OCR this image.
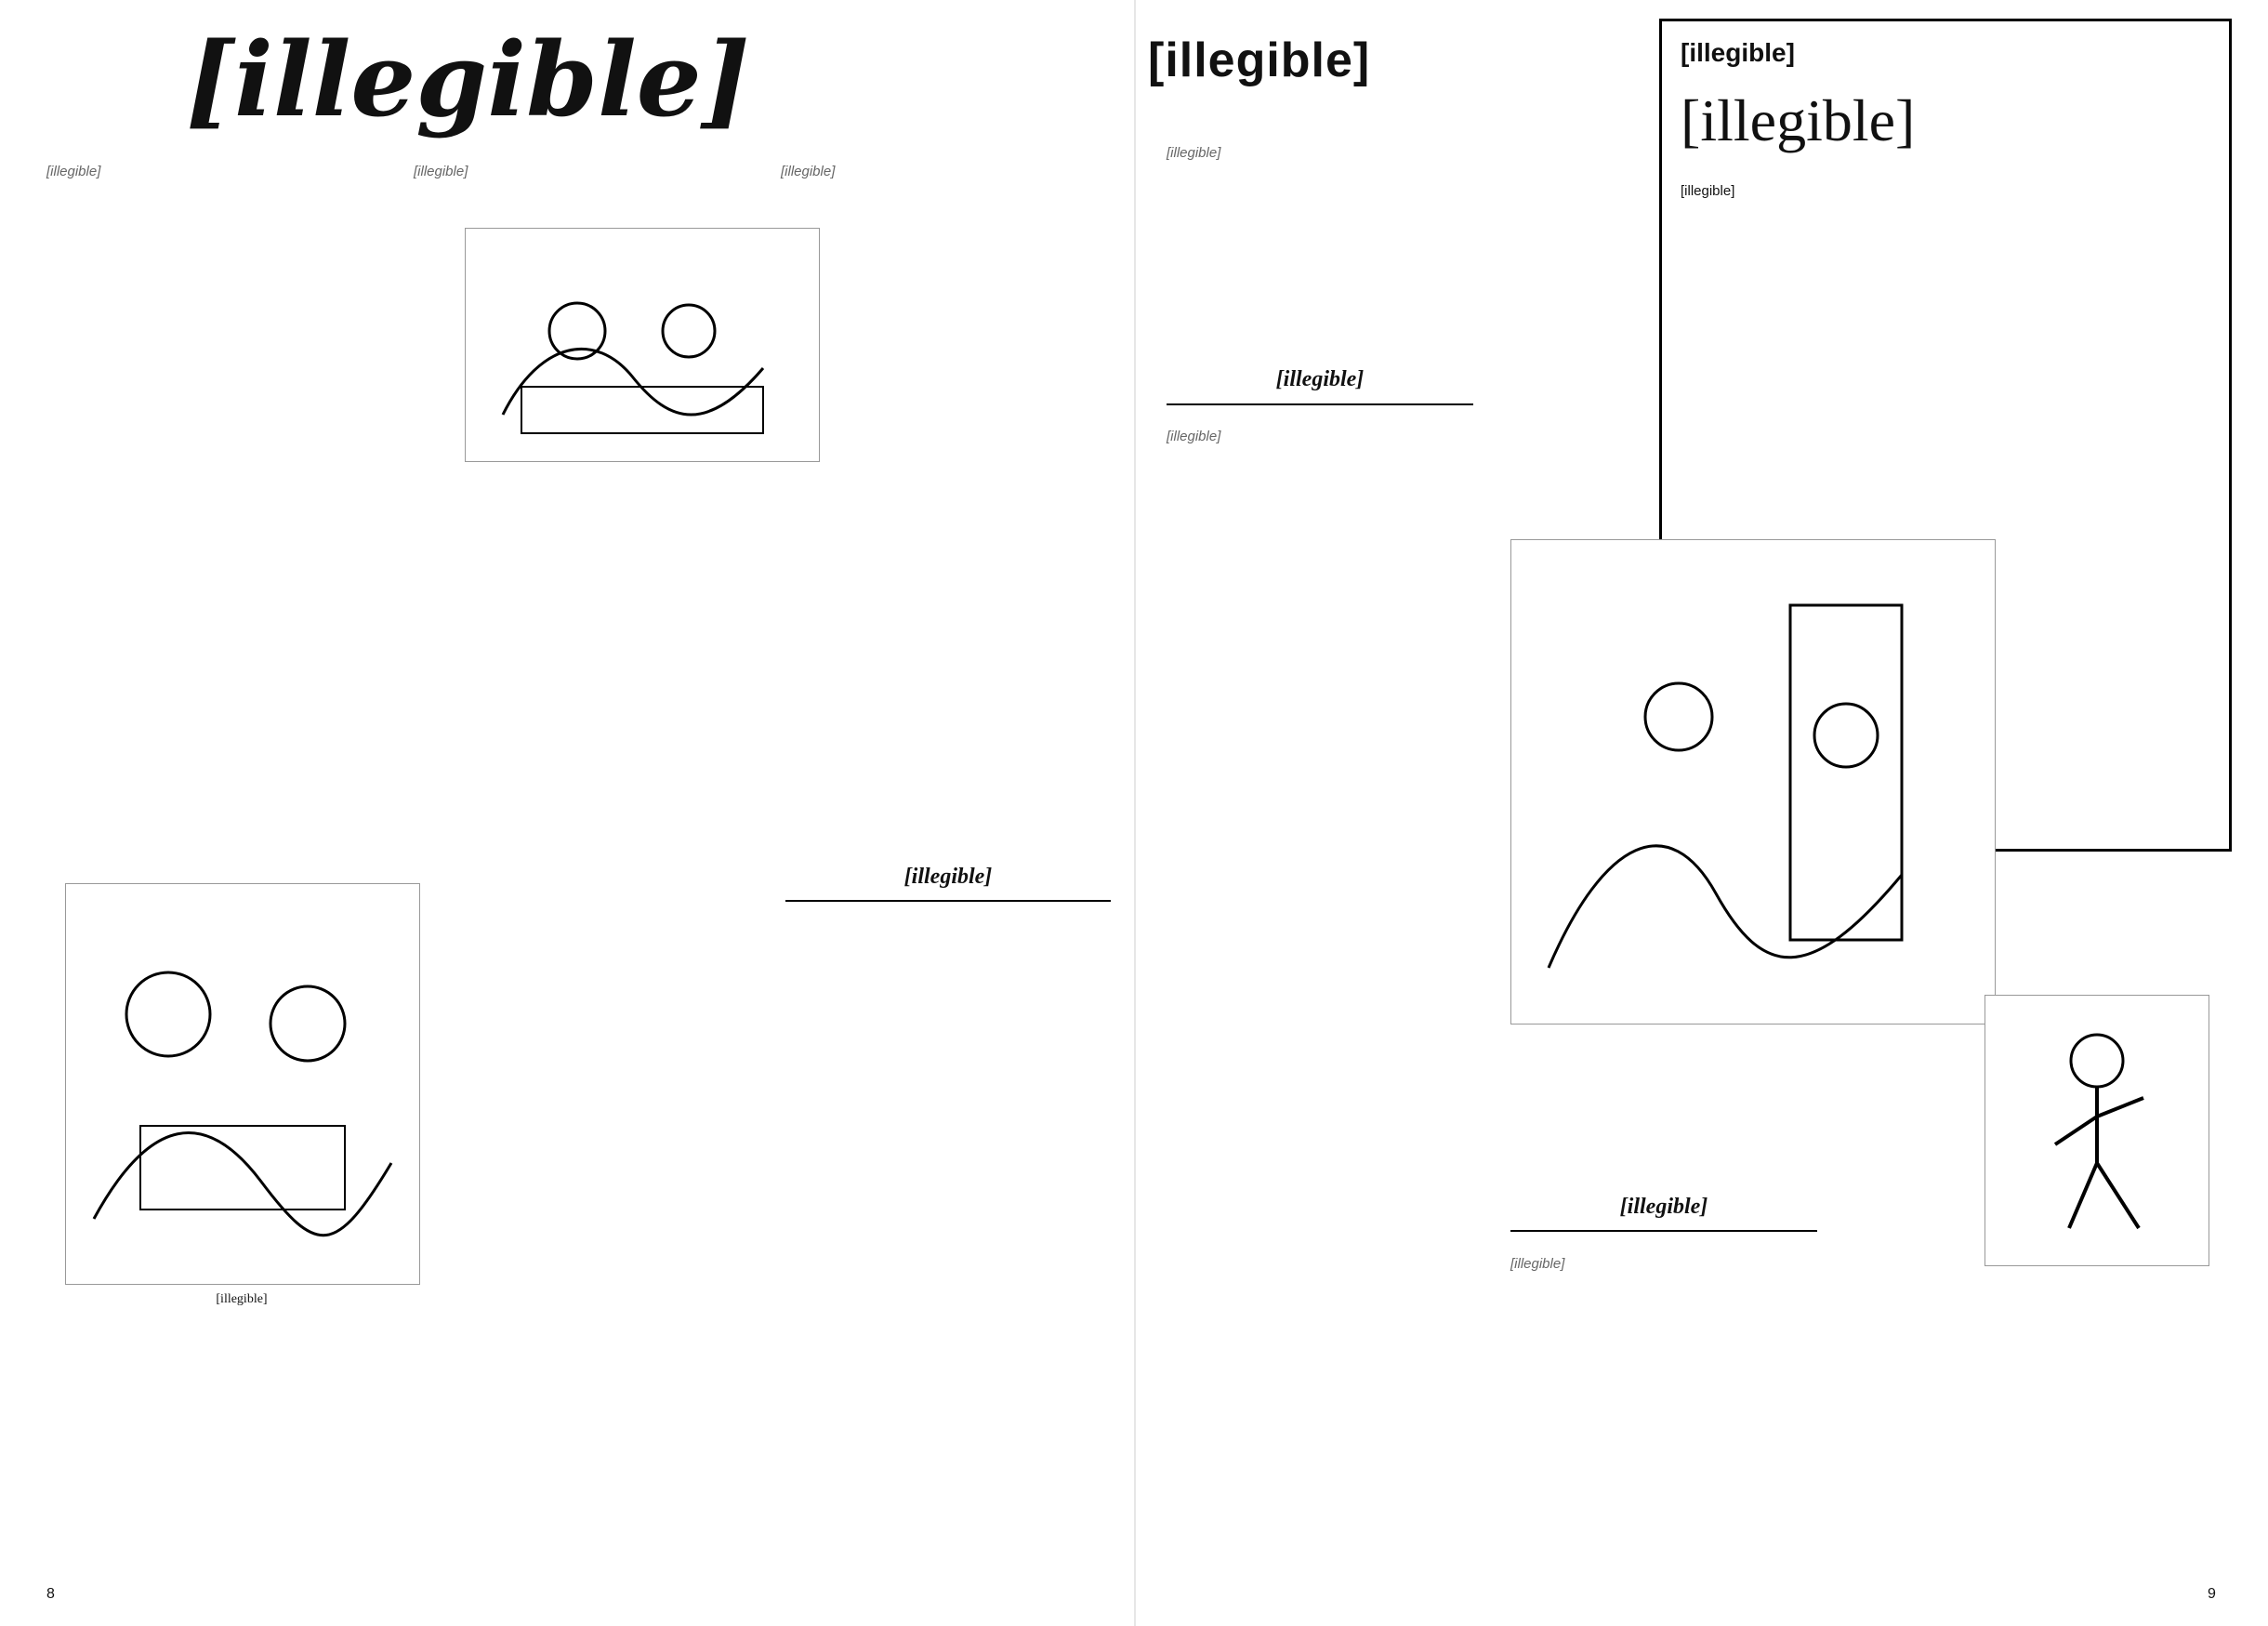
[illegible]

[illegible]	[illegible]	[illegible]

[illegible]
[illegible]
8
[illegible]	[illegible]
[illegible]
[illegible]

[illegible]

[illegible]

[illegible]

[illegible]

[illegible]

9
